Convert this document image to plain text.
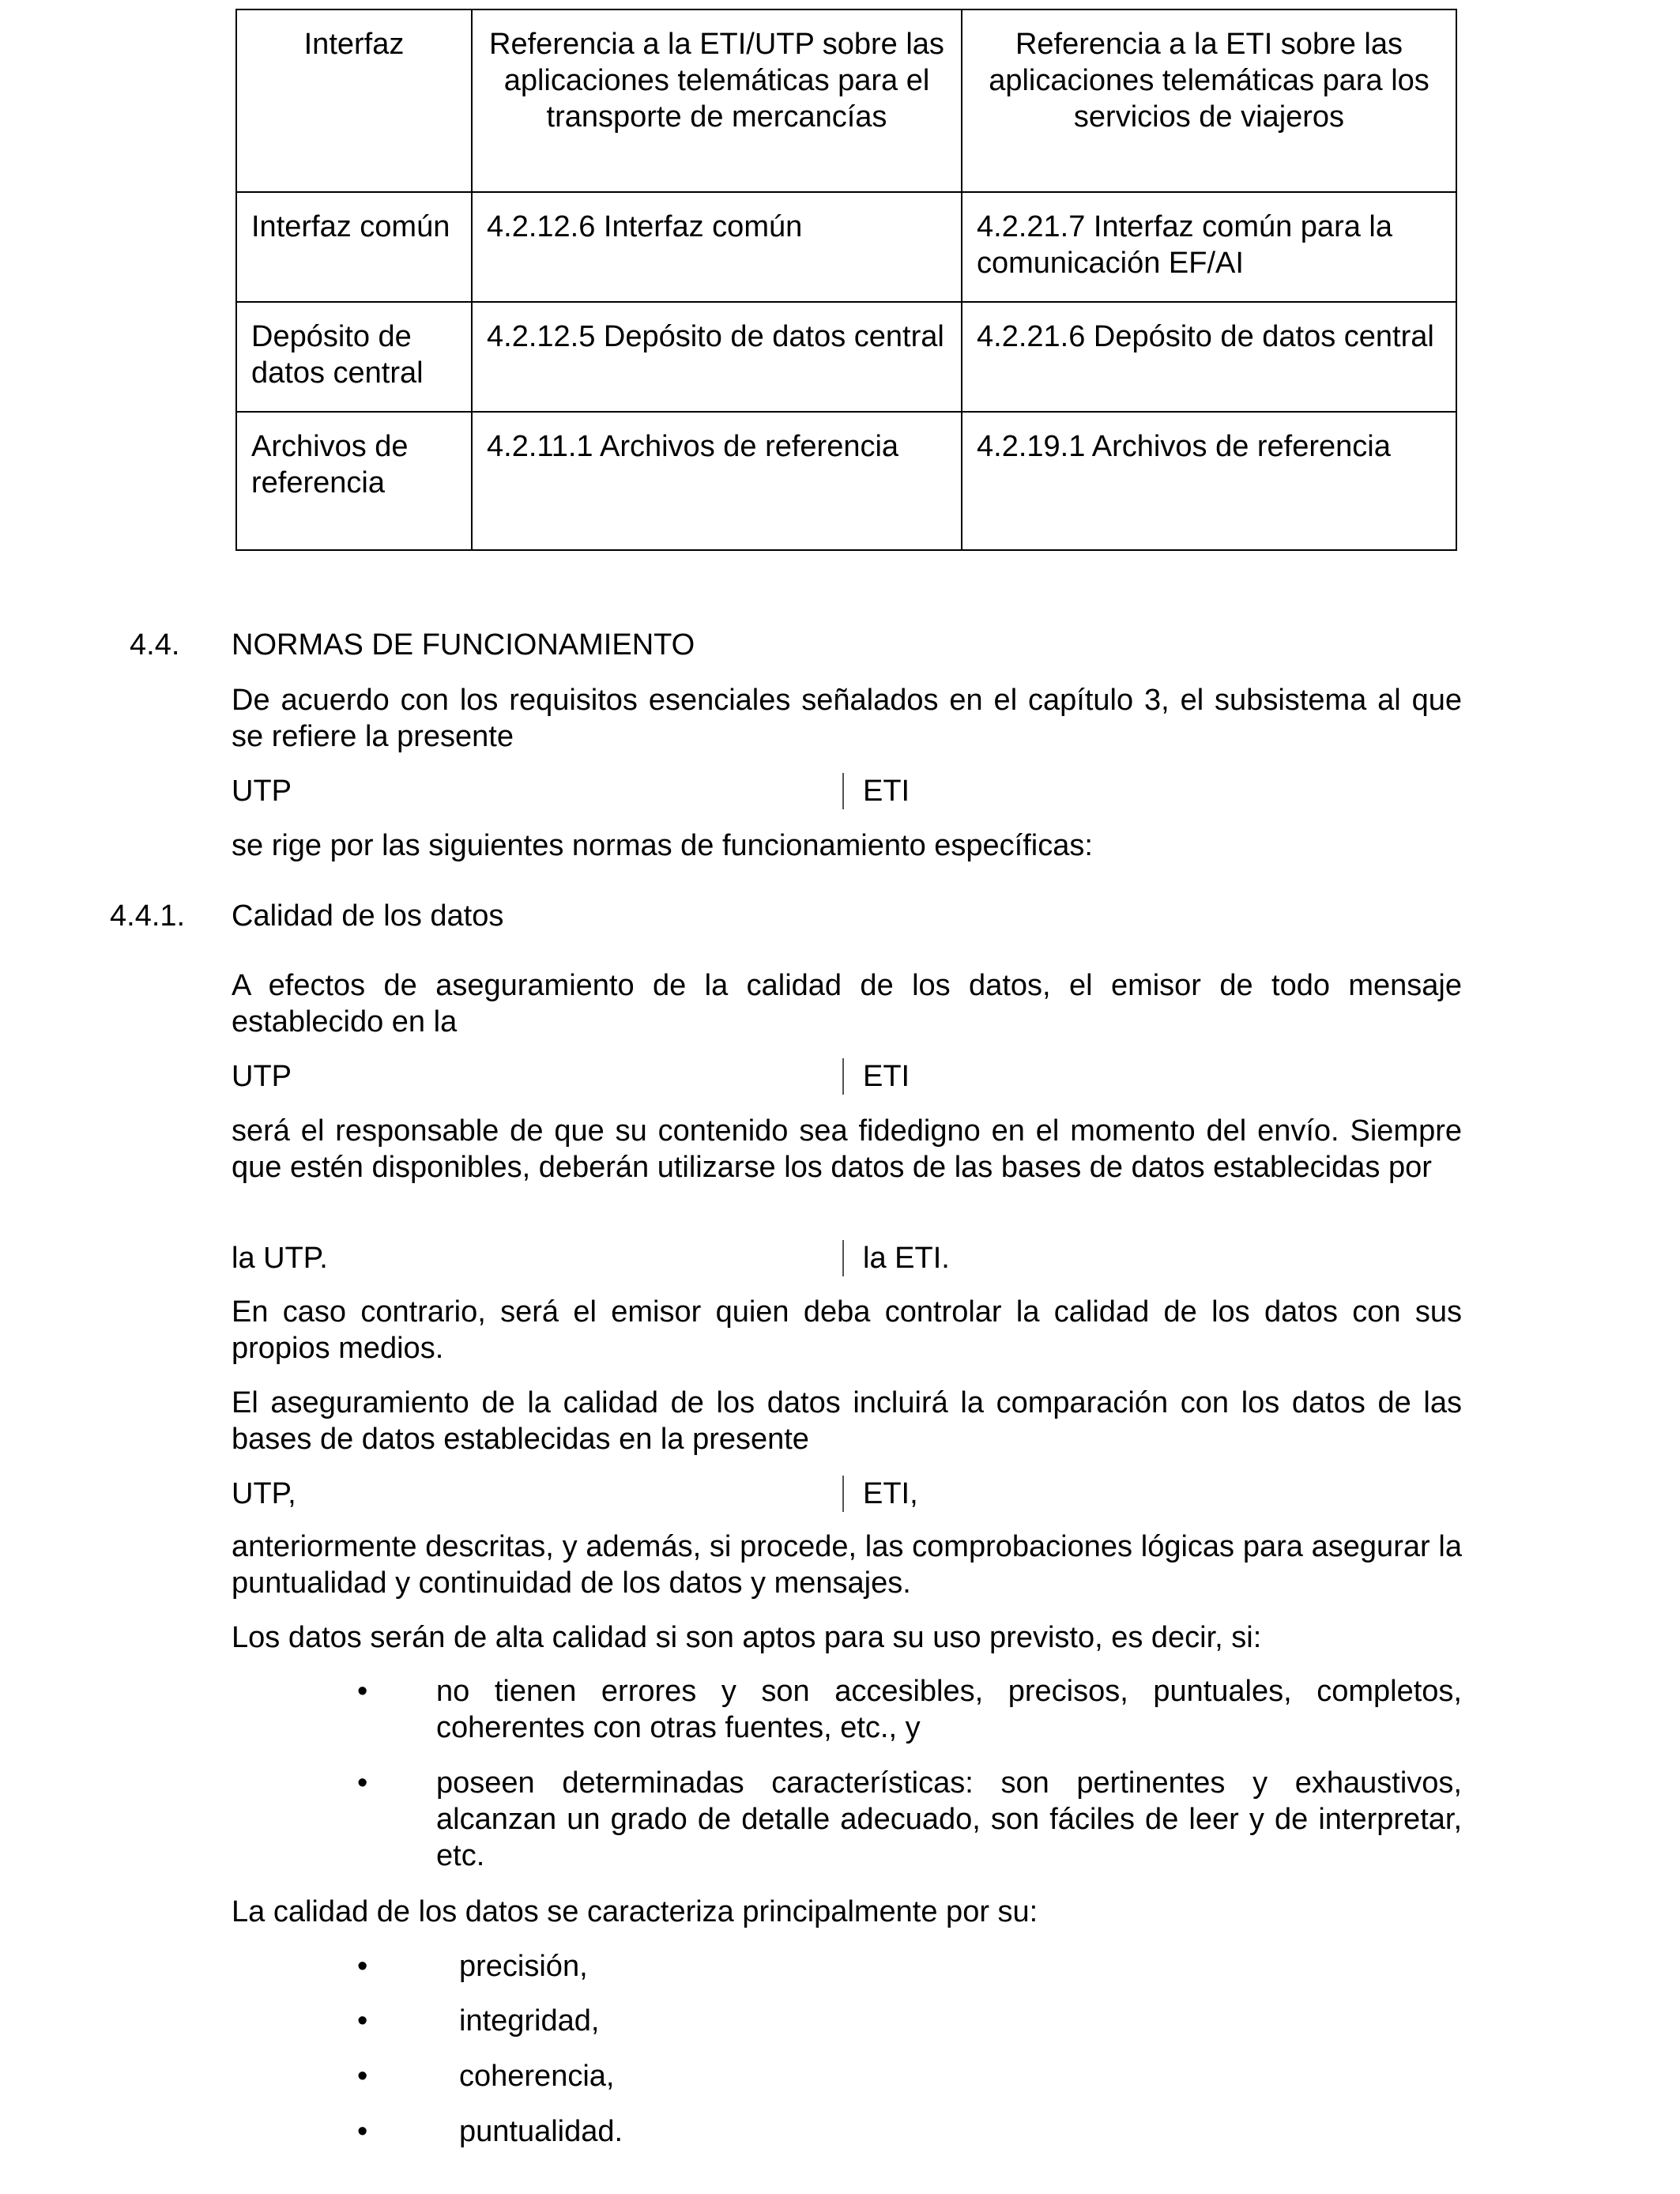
Interfaz	Referencia a la ETI/UTP sobre las aplicaciones telemáticas para el transporte de mercancías	Referencia a la ETI sobre las aplicaciones telemáticas para los servicios de viajeros
Interfaz común	4.2.12.6 Interfaz común	4.2.21.7 Interfaz común para la comunicación EF/AI
Depósito de datos central	4.2.12.5 Depósito de datos central	4.2.21.6 Depósito de datos central
Archivos de referencia	4.2.11.1 Archivos de referencia	4.2.19.1 Archivos de referencia
4.4. NORMAS DE FUNCIONAMIENTO
De acuerdo con los requisitos esenciales señalados en el capítulo 3, el subsistema al que se refiere la presente
UTP	ETI
se rige por las siguientes normas de funcionamiento específicas:
4.4.1. Calidad de los datos
A efectos de aseguramiento de la calidad de los datos, el emisor de todo mensaje establecido en la
UTP	ETI
será el responsable de que su contenido sea fidedigno en el momento del envío. Siempre que estén disponibles, deberán utilizarse los datos de las bases de datos establecidas por
la UTP.	la ETI.
En caso contrario, será el emisor quien deba controlar la calidad de los datos con sus propios medios.
El aseguramiento de la calidad de los datos incluirá la comparación con los datos de las bases de datos establecidas en la presente
UTP,	ETI,
anteriormente descritas, y además, si procede, las comprobaciones lógicas para asegurar la puntualidad y continuidad de los datos y mensajes.
Los datos serán de alta calidad si son aptos para su uso previsto, es decir, si:
• no tienen errores y son accesibles, precisos, puntuales, completos, coherentes con otras fuentes, etc., y
• poseen determinadas características: son pertinentes y exhaustivos, alcanzan un grado de detalle adecuado, son fáciles de leer y de interpretar, etc.
La calidad de los datos se caracteriza principalmente por su:
•	precisión,
•	integridad,
•	coherencia,
•	puntualidad.
